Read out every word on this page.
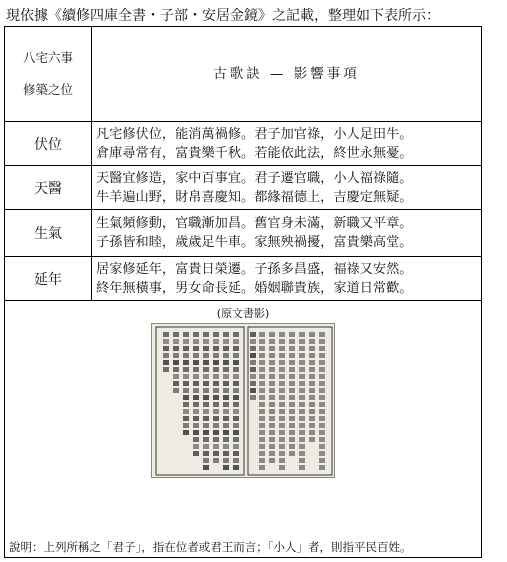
現依據《續修四庫全書・子部・安居金鏡》之記載，整理如下表所示：
八宅六事
修築之位
古歌訣 — 影響事項
伏位
凡宅修伏位，能消萬禍修。君子加官祿，小人足田牛。
倉庫尋常有，富貴樂千秋。若能依此法，終世永無憂。
天醫
天醫宜修造，家中百事宜。君子遷官職，小人福祿隨。
牛羊遍山野，財帛喜慶知。都緣福德上，吉慶定無疑。
生氣
生氣頻修動，官職漸加昌。舊官身未滿，新職又平章。
子孫皆和睦，歲歲足牛車。家無殃禍擾，富貴樂高堂。
延年
居家修延年，富貴日榮遷。子孫多昌盛，福祿又安然。
終年無橫事，男女命長延。婚姻聯貴族，家道日常歡。
(原文書影)
說明：上列所稱之「君子」，指在位者或君王而言；「小人」者，則指平民百姓。
